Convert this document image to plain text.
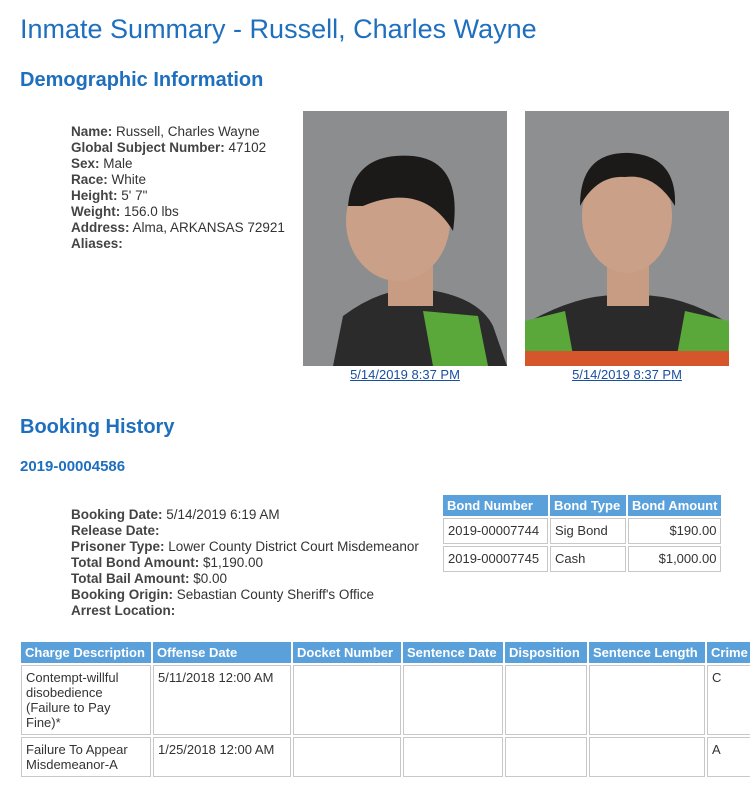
Inmate Summary - Russell, Charles Wayne
Demographic Information
Name: Russell, Charles Wayne
Global Subject Number: 47102
Sex: Male
Race: White
Height: 5' 7"
Weight: 156.0 lbs
Address: Alma, ARKANSAS 72921
Aliases:
5/14/2019 8:37 PM	5/14/2019 8:37 PM
Booking History
2019-00004586
Booking Date: 5/14/2019 6:19 AM
Release Date:
Prisoner Type: Lower County District Court Misdemeanor
Total Bond Amount: $1,190.00
Total Bail Amount: $0.00
Booking Origin: Sebastian County Sheriff's Office
Arrest Location:
Bond Number	Bond Type	Bond Amount
2019-00007744	Sig Bond	$190.00
2019-00007745	Cash	$1,000.00
Charge Description	Offense Date	Docket Number	Sentence Date	Disposition	Sentence Length	Crime
Contempt-willful disobedience (Failure to Pay Fine)*	5/11/2018 12:00 AM					C
Failure To Appear Misdemeanor-A	1/25/2018 12:00 AM					A
